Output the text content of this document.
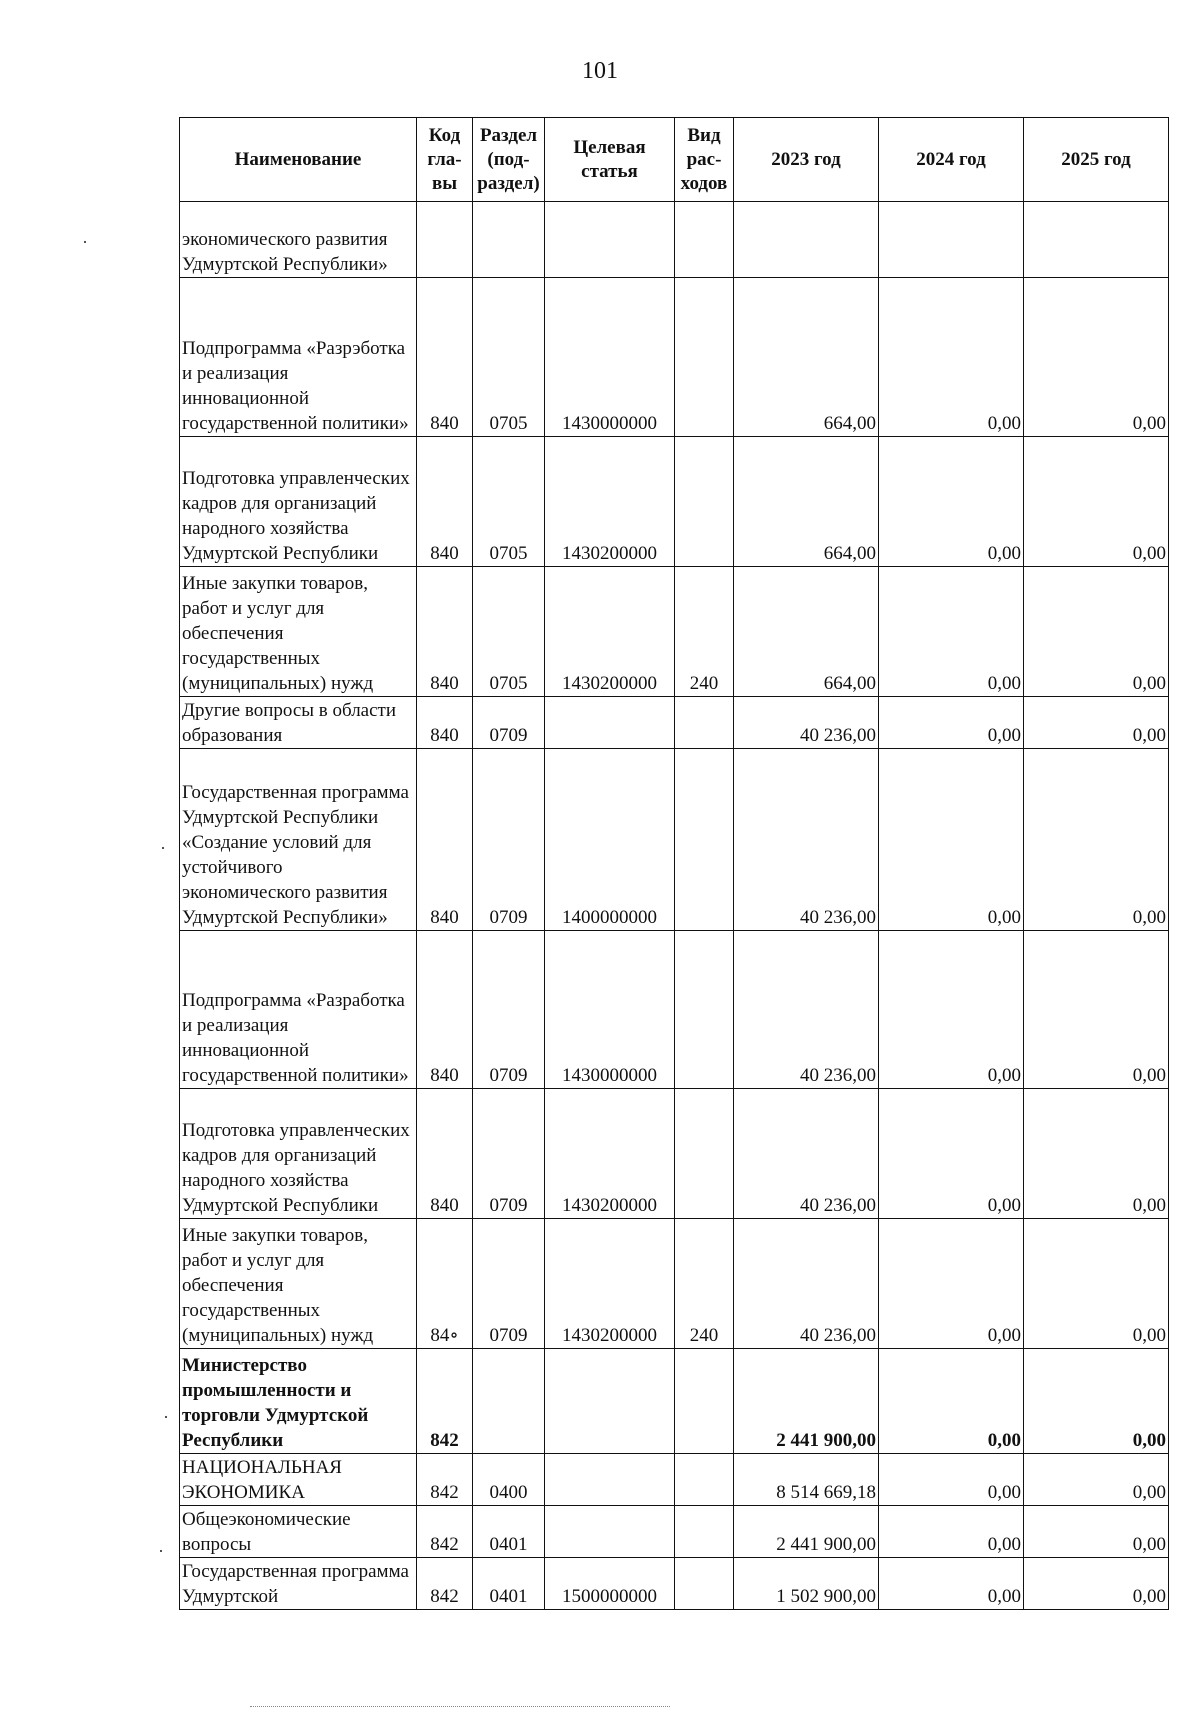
101
Наименование	Код гла-вы	Раздел (под-раздел)	Целевая статья	Вид рас-ходов	2023 год	2024 год	2025 год
экономического развития Удмуртской Республики»							
Подпрограмма «Разрэботка и реализация инновационной государственной политики»	840	0705	1430000000		664,00	0,00	0,00
Подготовка управленческих кадров для организаций народного хозяйства Удмуртской Республики	840	0705	1430200000		664,00	0,00	0,00
Иные закупки товаров, работ и услуг для обеспечения государственных (муниципальных) нужд	840	0705	1430200000	240	664,00	0,00	0,00
Другие вопросы в области образования	840	0709			40 236,00	0,00	0,00
Государственная программа Удмуртской Республики «Создание условий для устойчивого экономического развития Удмуртской Республики»	840	0709	1400000000		40 236,00	0,00	0,00
Подпрограмма «Разработка и реализация инновационной государственной политики»	840	0709	1430000000		40 236,00	0,00	0,00
Подготовка управленческих кадров для организаций народного хозяйства Удмуртской Республики	840	0709	1430200000		40 236,00	0,00	0,00
Иные закупки товаров, работ и услуг для обеспечения государственных (муниципальных) нужд	84∘	0709	1430200000	240	40 236,00	0,00	0,00
Министерство промышленности и торговли Удмуртской Республики	842				2 441 900,00	0,00	0,00
НАЦИОНАЛЬНАЯ ЭКОНОМИКА	842	0400			8 514 669,18	0,00	0,00
Общеэкономические вопросы	842	0401			2 441 900,00	0,00	0,00
Государственная программа Удмуртской	842	0401	1500000000		1 502 900,00	0,00	0,00
·
·
·
·
